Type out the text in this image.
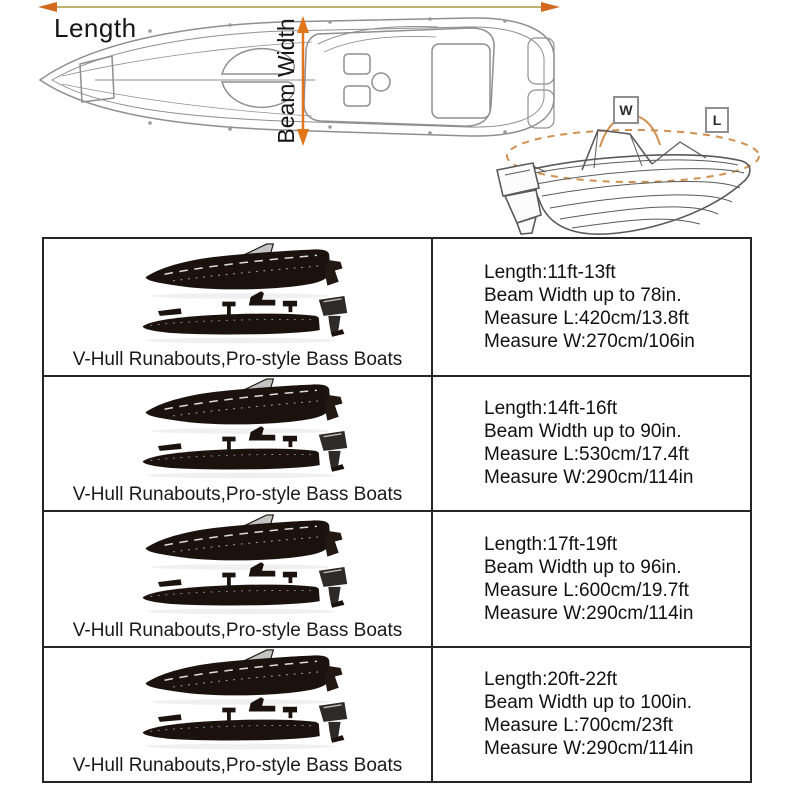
Length	Beam Width	W
L
V-Hull Runabouts,Pro-style Bass Boats
Length:11ft-13ft
Beam Width up to 78in.
Measure L:420cm/13.8ft
Measure W:270cm/106in
V-Hull Runabouts,Pro-style Bass Boats
Length:14ft-16ft
Beam Width up to 90in.
Measure L:530cm/17.4ft
Measure W:290cm/114in
V-Hull Runabouts,Pro-style Bass Boats
Length:17ft-19ft
Beam Width up to 96in.
Measure L:600cm/19.7ft
Measure W:290cm/114in
V-Hull Runabouts,Pro-style Bass Boats
Length:20ft-22ft
Beam Width up to 100in.
Measure L:700cm/23ft
Measure W:290cm/114in
